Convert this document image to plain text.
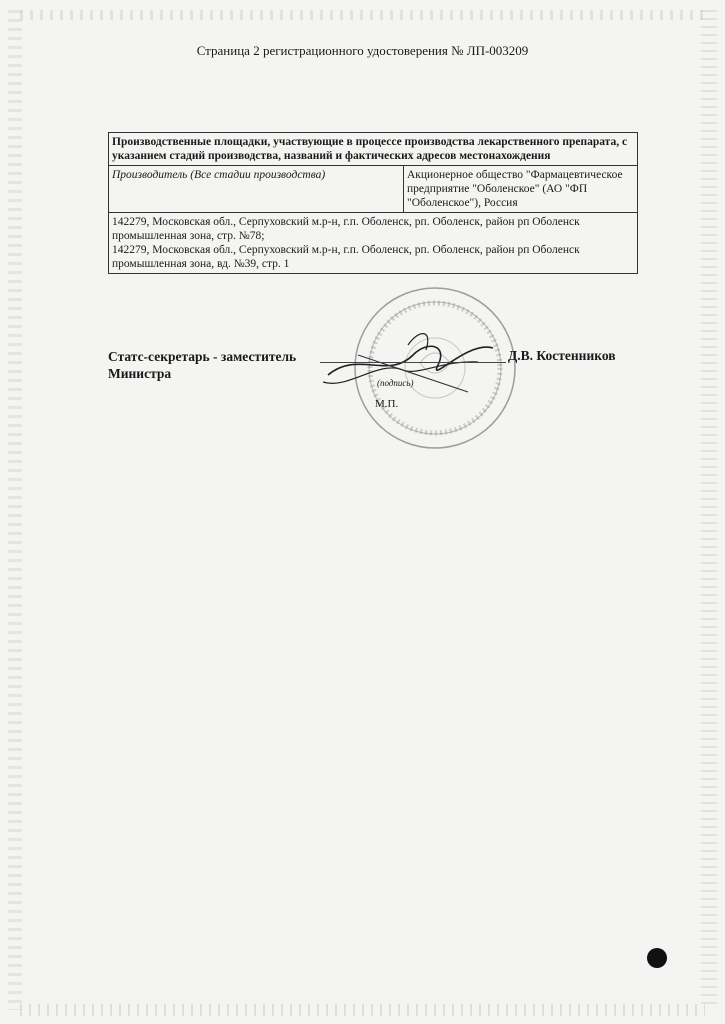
Страница 2 регистрационного удостоверения № ЛП-003209
Производственные площадки, участвующие в процессе производства лекарственного препарата, с указанием стадий производства, названий и фактических адресов местонахождения
Производитель (Все стадии производства)	Акционерное общество "Фармацевтическое предприятие "Оболенское" (АО "ФП "Оболенское"), Россия

142279, Московская обл., Серпуховский м.р-н, г.п. Оболенск, рп. Оболенск, район рп Оболенск промышленная зона, стр. №78;
142279, Московская обл., Серпуховский м.р-н, г.п. Оболенск, рп. Оболенск, район рп Оболенск промышленная зона, вд. №39, стр. 1
Статс-секретарь - заместитель Министра
Д.В. Костенников
(подпись)
М.П.
